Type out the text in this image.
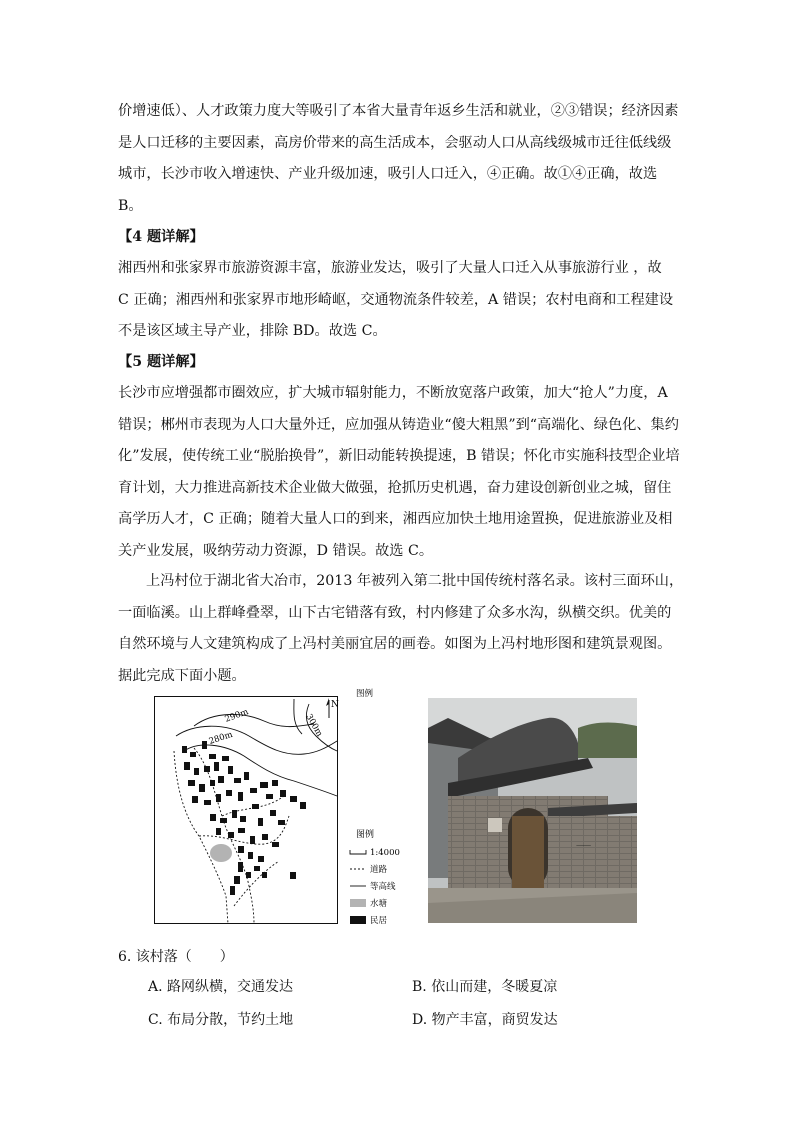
价增速低）、人才政策力度大等吸引了本省大量青年返乡生活和就业，②③错误；经济因素
是人口迁移的主要因素，高房价带来的高生活成本，会驱动人口从高线级城市迁往低线级
城市，长沙市收入增速快、产业升级加速，吸引人口迁入，④正确。故①④正确，故选
B。
【4 题详解】
湘西州和张家界市旅游资源丰富，旅游业发达，吸引了大量人口迁入从事旅游行业 ，故
C 正确；湘西州和张家界市地形崎岖，交通物流条件较差，A 错误；农村电商和工程建设
不是该区域主导产业，排除 BD。故选 C。
【5 题详解】
长沙市应增强都市圈效应，扩大城市辐射能力，不断放宽落户政策，加大“抢人”力度，A
错误；郴州市表现为人口大量外迁，应加强从铸造业“傻大粗黑”到“高端化、绿色化、集约
化”发展，使传统工业“脱胎换骨”，新旧动能转换提速，B 错误；怀化市实施科技型企业培
育计划，大力推进高新技术企业做大做强，抢抓历史机遇，奋力建设创新创业之城，留住
高学历人才，C 正确；随着大量人口的到来，湘西应加快土地用途置换，促进旅游业及相
关产业发展，吸纳劳动力资源，D 错误。故选 C。
上冯村位于湖北省大冶市，2013 年被列入第二批中国传统村落名录。该村三面环山，
一面临溪。山上群峰叠翠，山下古宅错落有致，村内修建了众多水沟，纵横交织。优美的
自然环境与人文建筑构成了上冯村美丽宜居的画卷。如图为上冯村地形图和建筑景观图。
据此完成下面小题。
N
290m
280m	300m
图例
图例
1:4000
道路
等高线
水塘
民居
⸺
6. 该村落（　　）
A. 路网纵横，交通发达	B. 依山而建，冬暖夏凉
C. 布局分散，节约土地	D. 物产丰富，商贸发达
